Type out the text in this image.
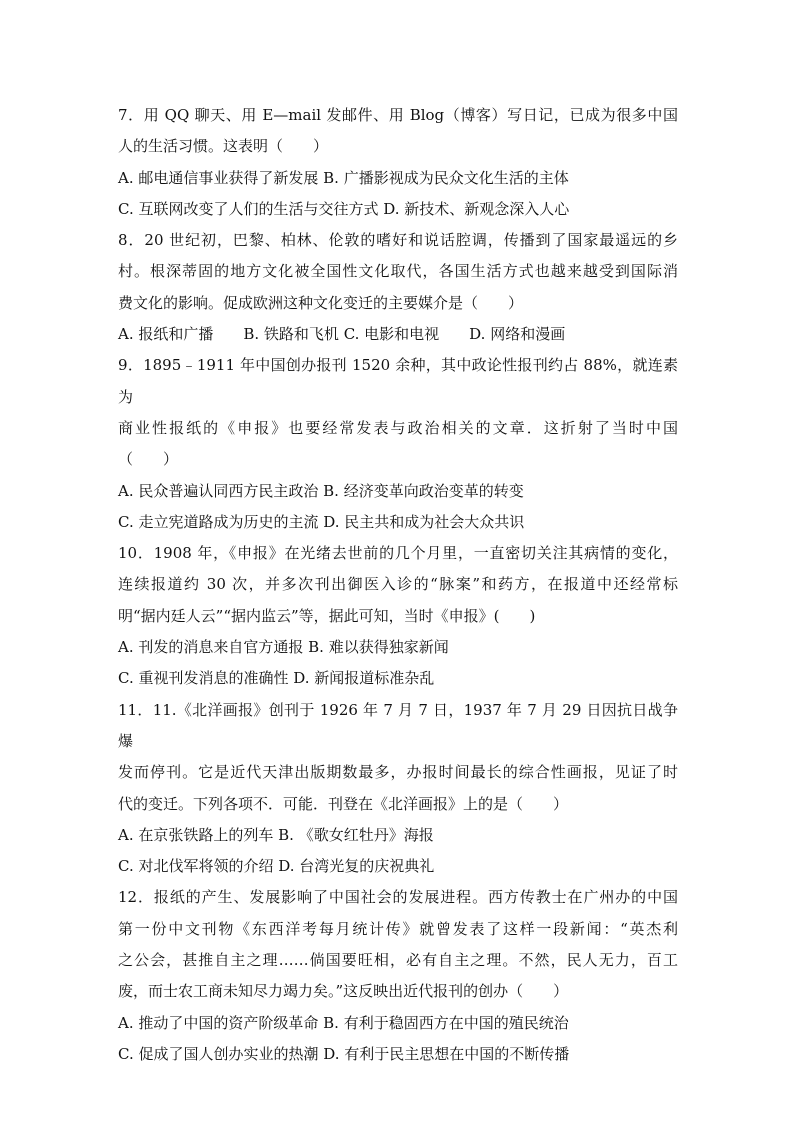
7．用 QQ 聊天、用 E—mail 发邮件、用 Blog（博客）写日记，已成为很多中国
人的生活习惯。这表明（　　）
A. 邮电通信事业获得了新发展 B. 广播影视成为民众文化生活的主体
C. 互联网改变了人们的生活与交往方式 D. 新技术、新观念深入人心
8．20 世纪初，巴黎、柏林、伦敦的嗜好和说话腔调，传播到了国家最遥远的乡
村。根深蒂固的地方文化被全国性文化取代，各国生活方式也越来越受到国际消
费文化的影响。促成欧洲这种文化变迁的主要媒介是（　　）
A. 报纸和广播　　B. 铁路和飞机 C. 电影和电视　　D. 网络和漫画
9．1895﹣1911 年中国创办报刊 1520 余种，其中政论性报刊约占 88%，就连素为
商业性报纸的《申报》也要经常发表与政治相关的文章．这折射了当时中国
（　　）
A. 民众普遍认同西方民主政治 B. 经济变革向政治变革的转变
C. 走立宪道路成为历史的主流 D. 民主共和成为社会大众共识
10．1908 年，《申报》在光绪去世前的几个月里，一直密切关注其病情的变化，
连续报道约 30 次，并多次刊出御医入诊的“脉案”和药方，在报道中还经常标
明“据内廷人云”“据内监云”等，据此可知，当时《申报》(　　)
A. 刊发的消息来自官方通报 B. 难以获得独家新闻
C. 重视刊发消息的准确性 D. 新闻报道标准杂乱
11．11.《北洋画报》创刊于 1926 年 7 月 7 日，1937 年 7 月 29 日因抗日战争爆
发而停刊。它是近代天津出版期数最多，办报时间最长的综合性画报，见证了时
代的变迁。下列各项不．可能．刊登在《北洋画报》上的是（　　）
A. 在京张铁路上的列车 B. 《歌女红牡丹》海报
C. 对北伐军将领的介绍 D. 台湾光复的庆祝典礼
12．报纸的产生、发展影响了中国社会的发展进程。西方传教士在广州办的中国
第一份中文刊物《东西洋考每月统计传》就曾发表了这样一段新闻：“英杰利
之公会，甚推自主之理……倘国要旺相，必有自主之理。不然，民人无力，百工
废，而士农工商未知尽力竭力矣。”这反映出近代报刊的创办（　　）
A. 推动了中国的资产阶级革命 B. 有利于稳固西方在中国的殖民统治
C. 促成了国人创办实业的热潮 D. 有利于民主思想在中国的不断传播
